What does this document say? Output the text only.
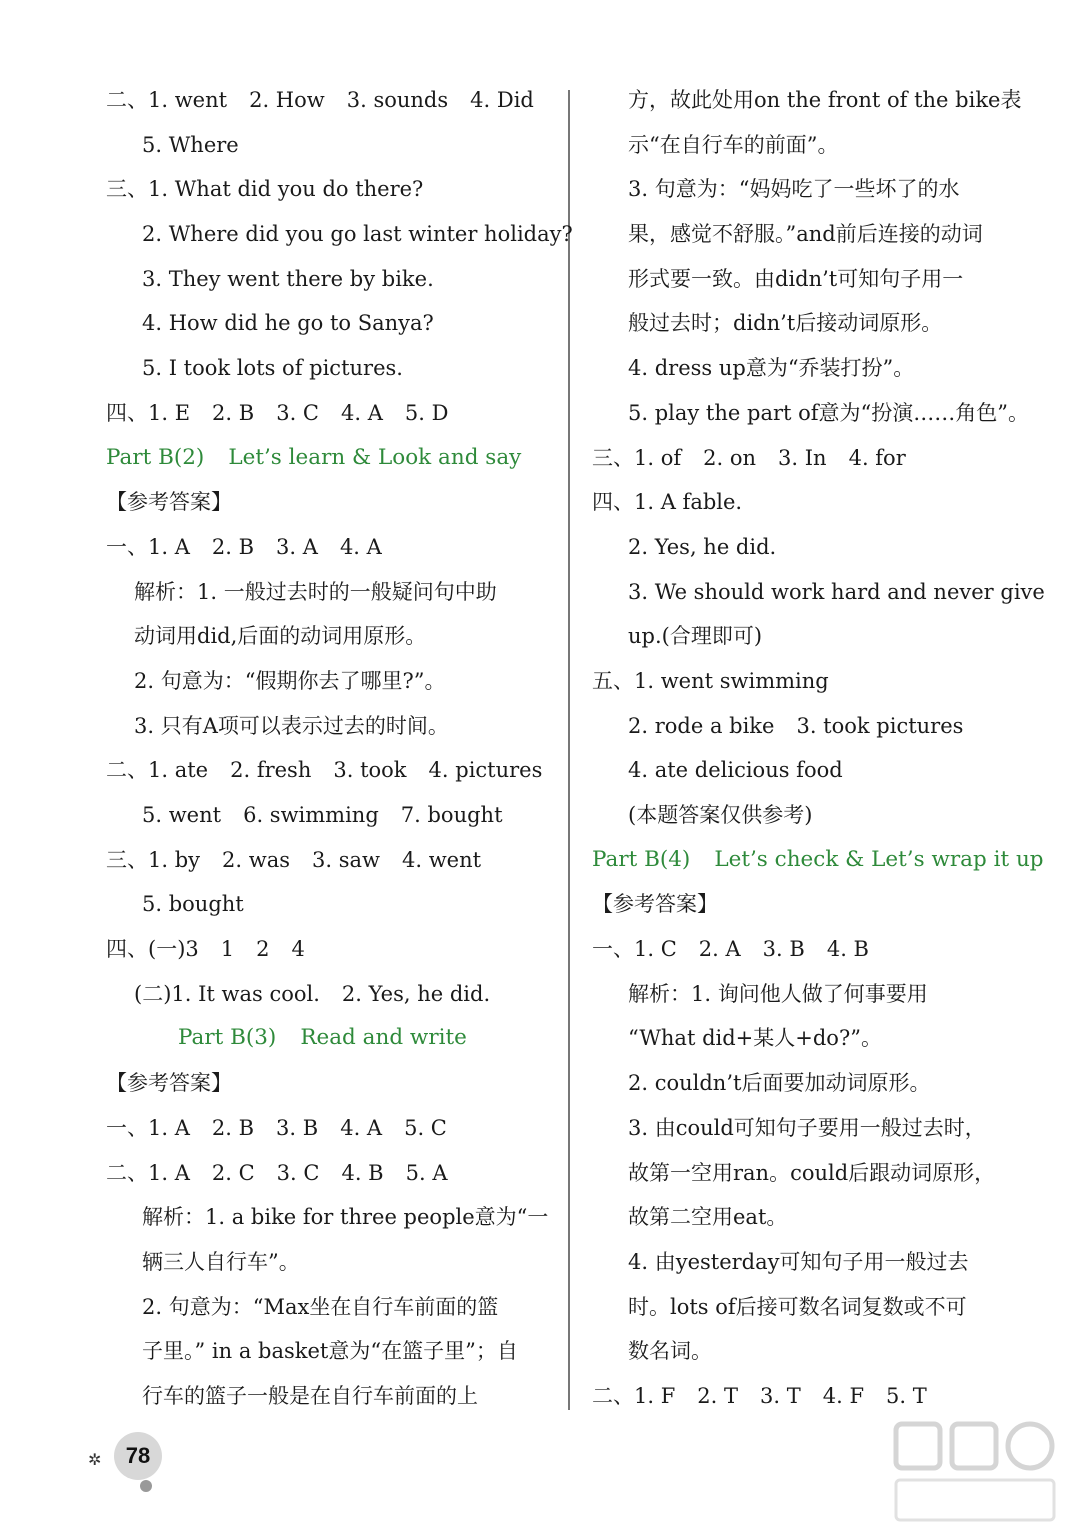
二、1. went 2. How 3. sounds 4. Did
5. Where
三、1. What did you do there?
2. Where did you go last winter holiday?
3. They went there by bike.
4. How did he go to Sanya?
5. I took lots of pictures.
四、1. E 2. B 3. C 4. A 5. D
Part B(2) Let’s learn & Look and say
【参考答案】
一、1. A 2. B 3. A 4. A
解析：1. 一般过去时的一般疑问句中助
动词用did,后面的动词用原形。
2. 句意为：“假期你去了哪里?”。
3. 只有A项可以表示过去的时间。
二、1. ate 2. fresh 3. took 4. pictures
5. went 6. swimming 7. bought
三、1. by 2. was 3. saw 4. went
5. bought
四、(一)3 1 2 4
(二)1. It was cool. 2. Yes, he did.
Part B(3) Read and write
【参考答案】
一、1. A 2. B 3. B 4. A 5. C
二、1. A 2. C 3. C 4. B 5. A
解析：1. a bike for three people意为“一
辆三人自行车”。
2. 句意为：“Max坐在自行车前面的篮
子里。” in a basket意为“在篮子里”；自
行车的篮子一般是在自行车前面的上
方，故此处用on the front of the bike表
示“在自行车的前面”。
3. 句意为：“妈妈吃了一些坏了的水
果，感觉不舒服。”and前后连接的动词
形式要一致。由didn’t可知句子用一
般过去时；didn’t后接动词原形。
4. dress up意为“乔装打扮”。
5. play the part of意为“扮演……角色”。
三、1. of 2. on 3. In 4. for
四、1. A fable.
2. Yes, he did.
3. We should work hard and never give
up.(合理即可)
五、1. went swimming
2. rode a bike 3. took pictures
4. ate delicious food
(本题答案仅供参考)
Part B(4) Let’s check & Let’s wrap it up
【参考答案】
一、1. C 2. A 3. B 4. B
解析：1. 询问他人做了何事要用
“What did+某人+do?”。
2. couldn’t后面要加动词原形。
3. 由could可知句子要用一般过去时，
故第一空用ran。could后跟动词原形，
故第二空用eat。
4. 由yesterday可知句子用一般过去
时。lots of后接可数名词复数或不可
数名词。
二、1. F 2. T 3. T 4. F 5. T
✲	78
